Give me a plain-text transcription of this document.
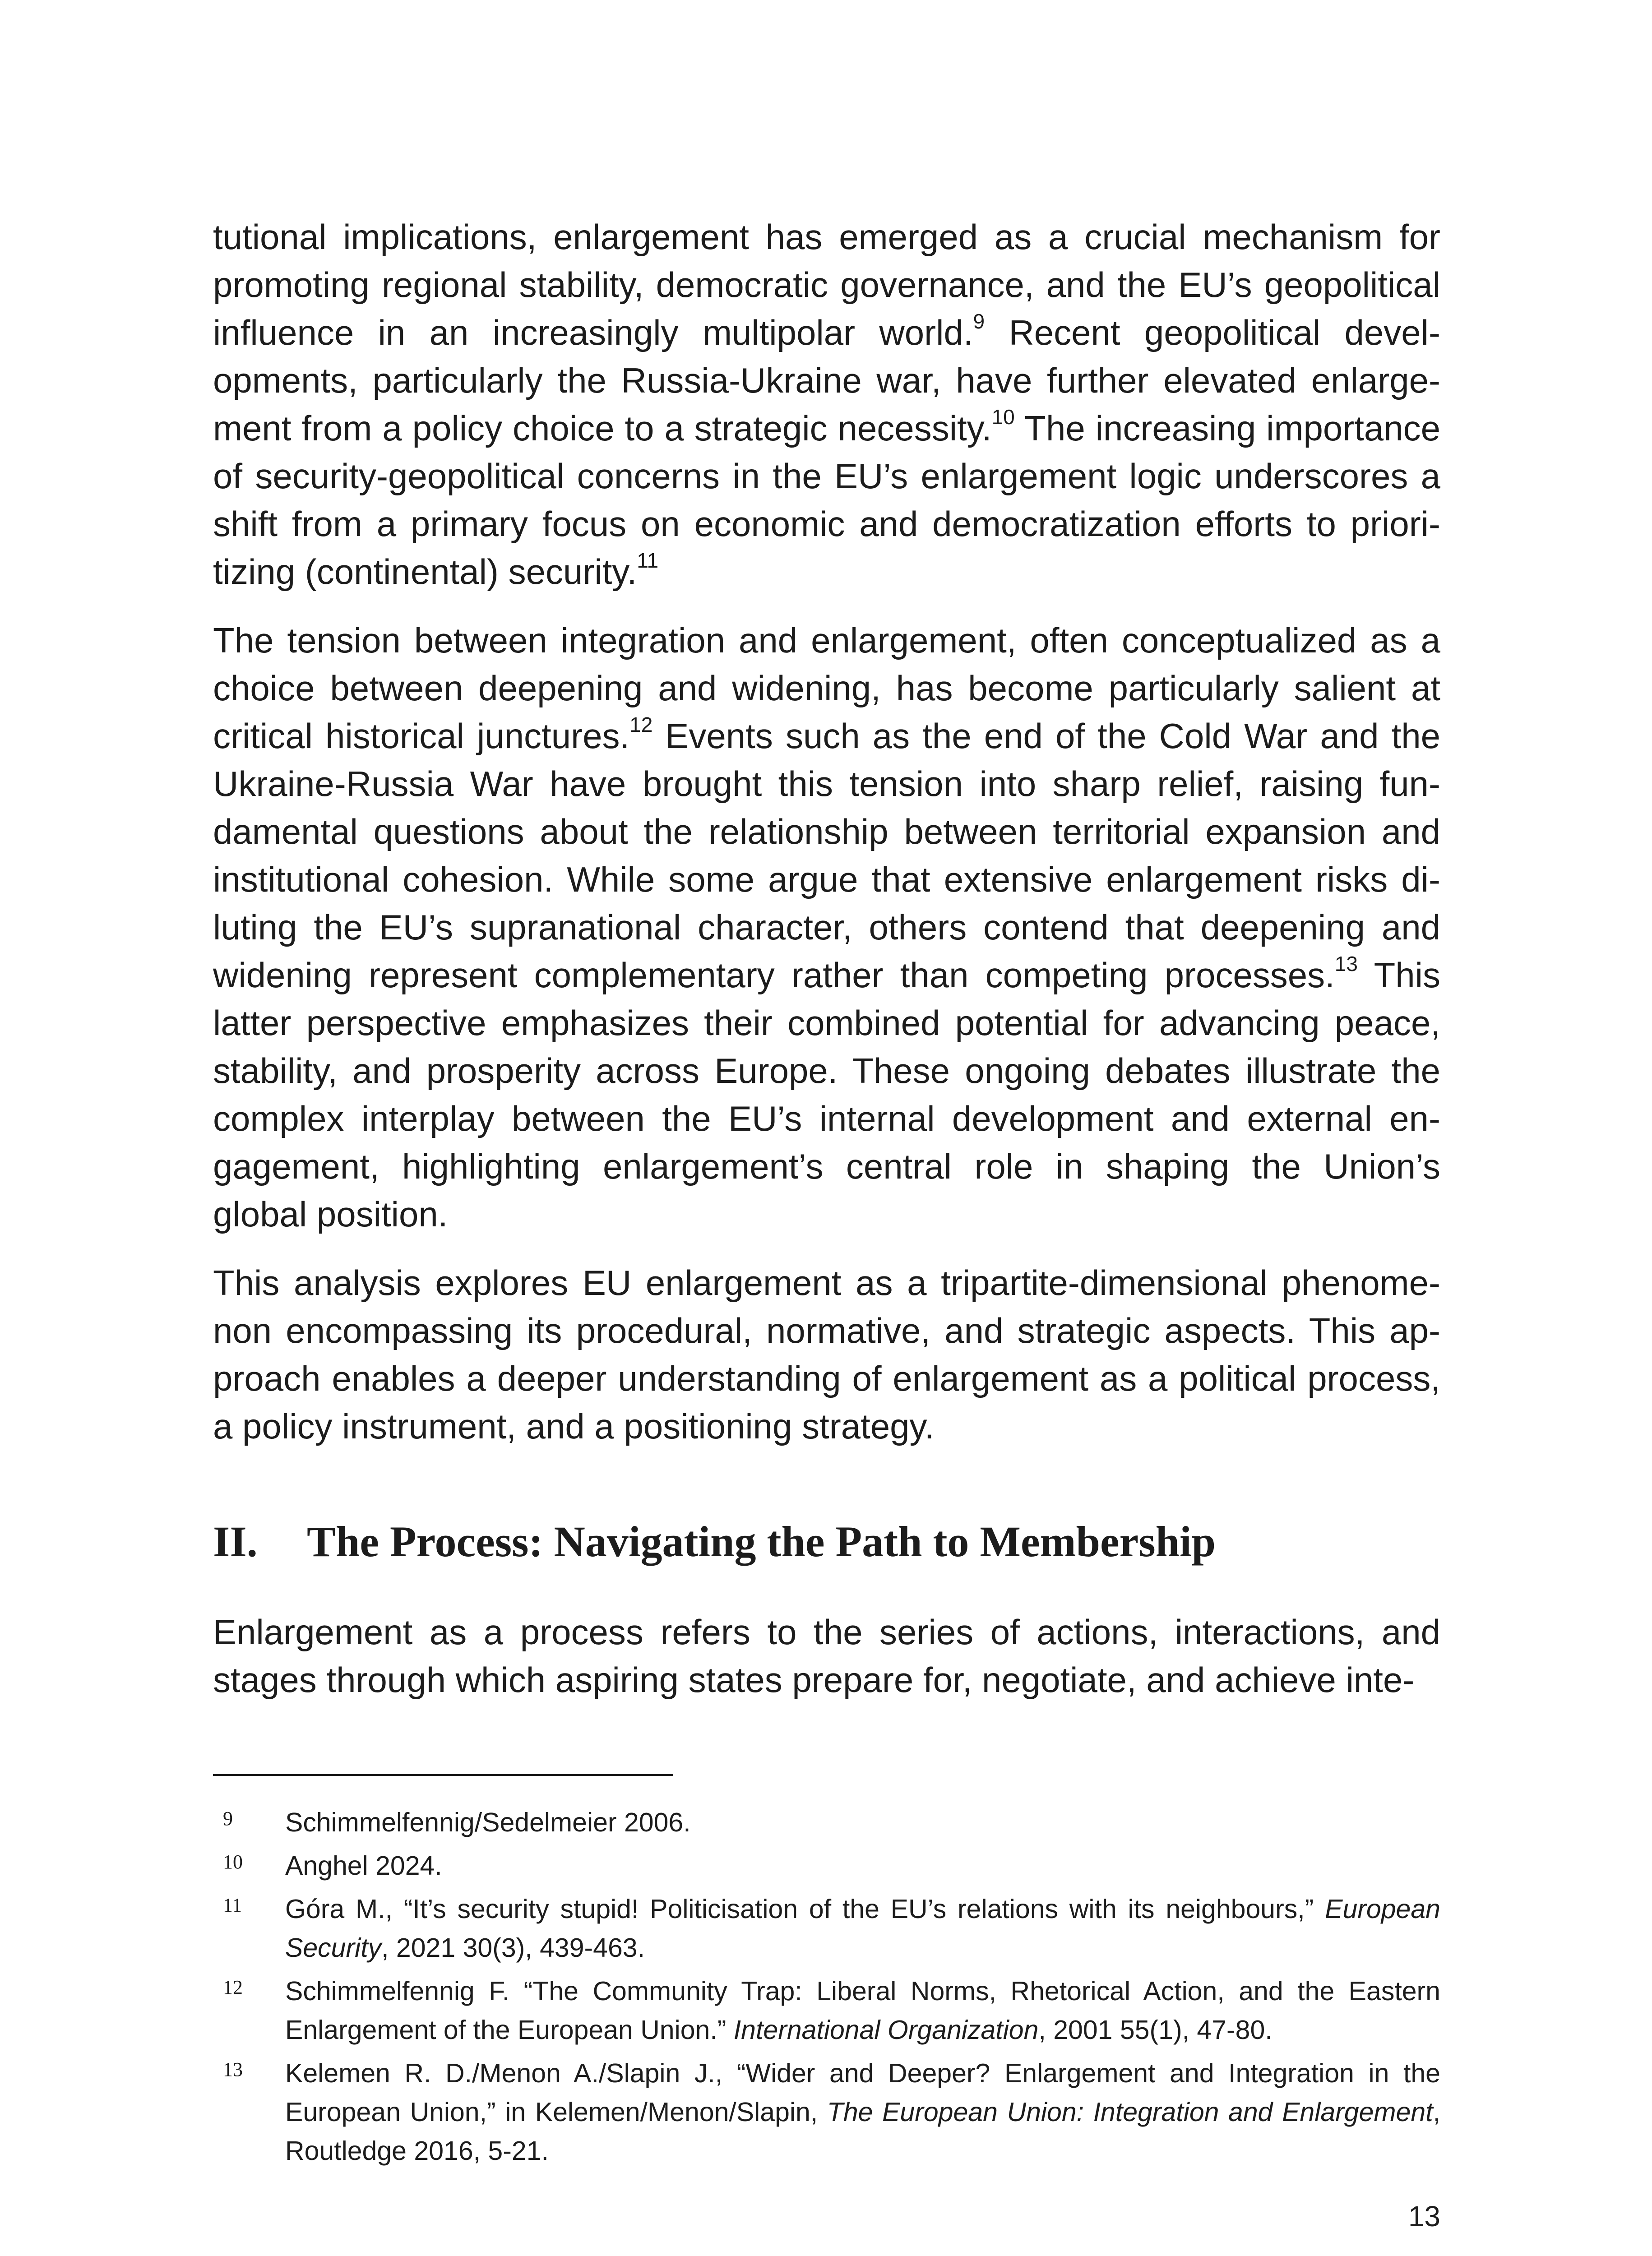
tutional implications, enlargement has emerged as a crucial mechanism for promoting regional stability, democratic governance, and the EU’s geopolitical influence in an increasingly multipolar world.$^9$ Recent geopolitical developments, particularly the Russia-Ukraine war, have further elevated enlargement from a policy choice to a strategic necessity.$^{10}$ The increasing importance of security-geopolitical concerns in the EU’s enlargement logic underscores a shift from a primary focus on economic and democratization efforts to prioritizing (continental) security.$^{11}$

The tension between integration and enlargement, often conceptualized as a choice between deepening and widening, has become particularly salient at critical historical junctures.$^{12}$ Events such as the end of the Cold War and the Ukraine-Russia War have brought this tension into sharp relief, raising fundamental questions about the relationship between territorial expansion and institutional cohesion. While some argue that extensive enlargement risks diluting the EU’s supranational character, others contend that deepening and widening represent complementary rather than competing processes.$^{13}$ This latter perspective emphasizes their combined potential for advancing peace, stability, and prosperity across Europe. These ongoing debates illustrate the complex interplay between the EU’s internal development and external engagement, highlighting enlargement’s central role in shaping the Union’s global position.

This analysis explores EU enlargement as a tripartite-dimensional phenomenon encompassing its procedural, normative, and strategic aspects. This approach enables a deeper understanding of enlargement as a political process, a policy instrument, and a positioning strategy.

II. The Process: Navigating the Path to Membership

Enlargement as a process refers to the series of actions, interactions, and stages through which aspiring states prepare for, negotiate, and achieve inte-

9	Schimmelfennig/Sedelmeier 2006.
10	Anghel 2024.
11	Góra M., “It’s security stupid! Politicisation of the EU’s relations with its neighbours,” European Security, 2021 30(3), 439-463.
12	Schimmelfennig F. “The Community Trap: Liberal Norms, Rhetorical Action, and the Eastern Enlargement of the European Union.” International Organization, 2001 55(1), 47-80.
13	Kelemen R. D./Menon A./Slapin J., “Wider and Deeper? Enlargement and Integration in the European Union,” in Kelemen/Menon/Slapin, The European Union: Integration and Enlargement, Routledge 2016, 5-21.
13
